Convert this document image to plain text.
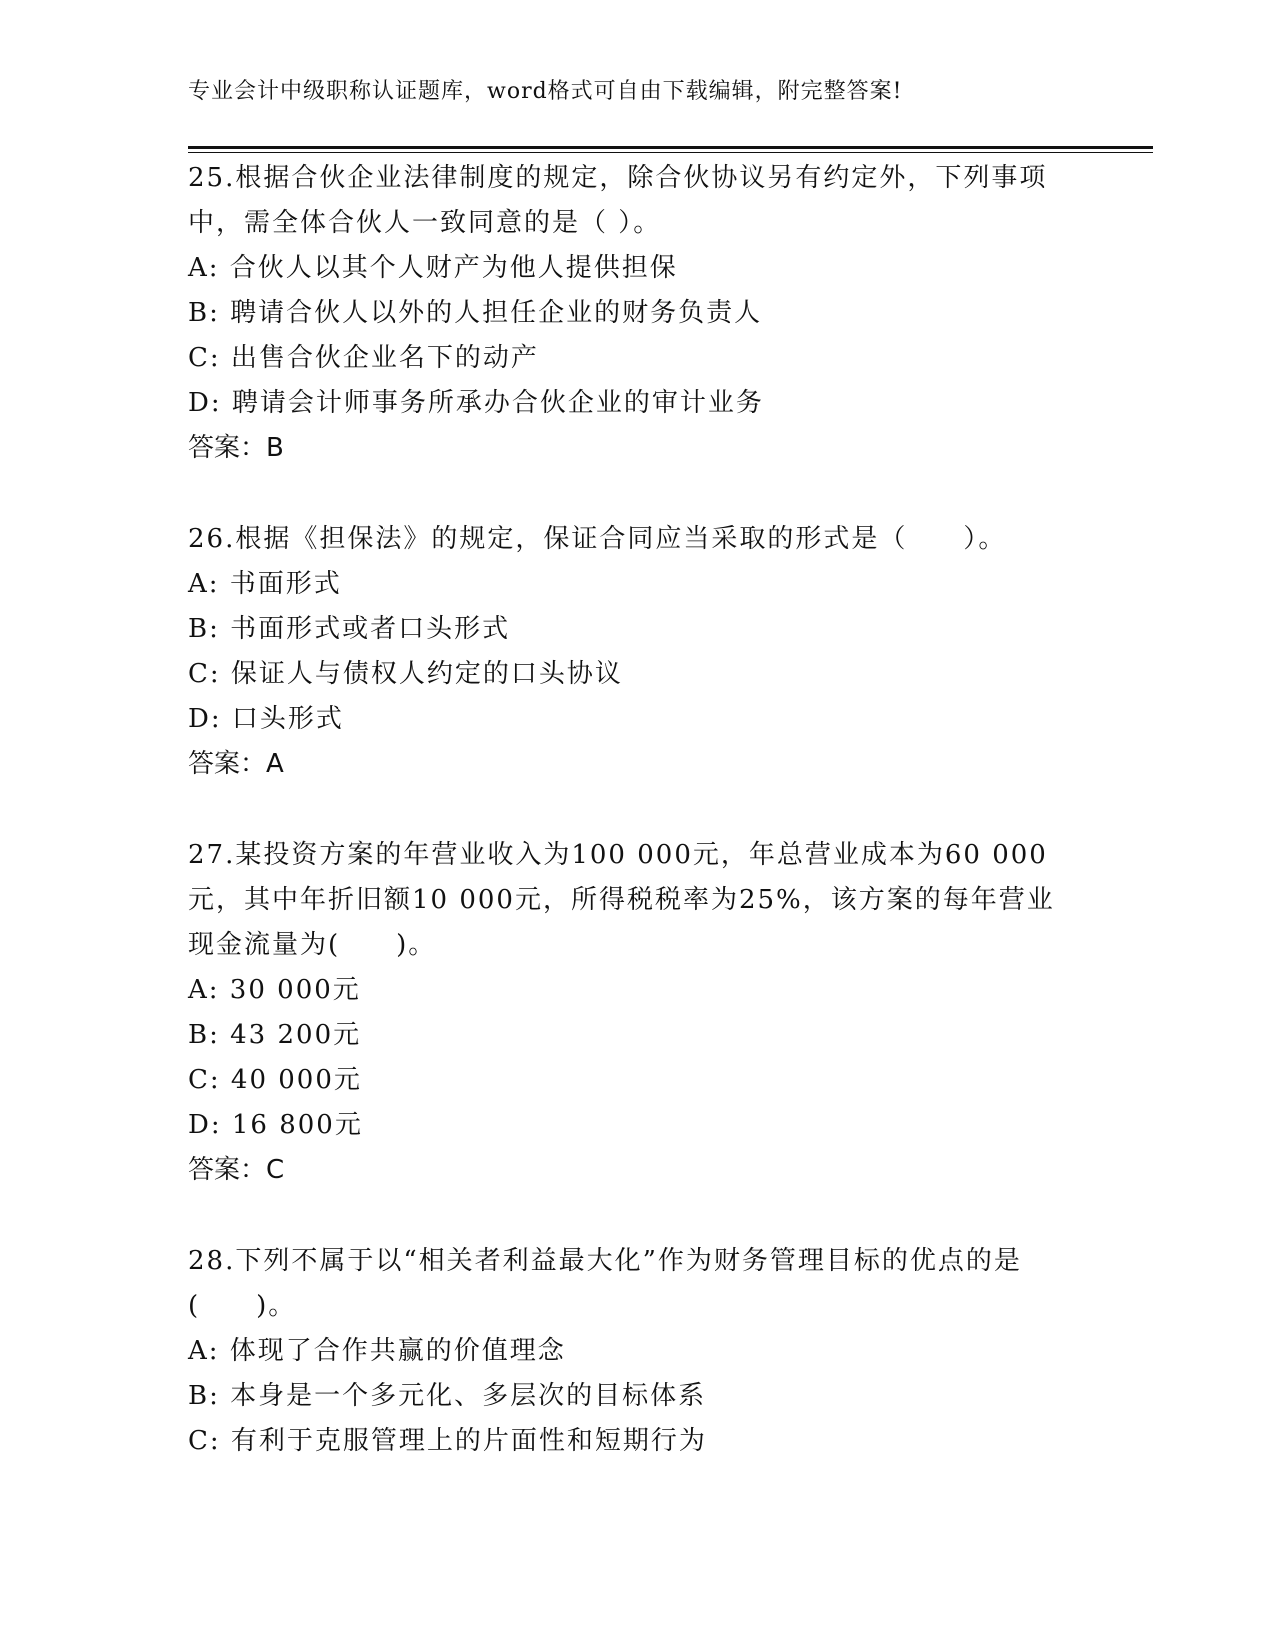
专业会计中级职称认证题库，word格式可自由下载编辑，附完整答案!
25.根据合伙企业法律制度的规定，除合伙协议另有约定外，下列事项
中，需全体合伙人一致同意的是（ ）。
A: 合伙人以其个人财产为他人提供担保
B: 聘请合伙人以外的人担任企业的财务负责人
C: 出售合伙企业名下的动产
D: 聘请会计师事务所承办合伙企业的审计业务
答案：B
26.根据《担保法》的规定，保证合同应当采取的形式是（　　）。
A: 书面形式
B: 书面形式或者口头形式
C: 保证人与债权人约定的口头协议
D: 口头形式
答案：A
27.某投资方案的年营业收入为100 000元，年总营业成本为60 000
元，其中年折旧额10 000元，所得税税率为25%，该方案的每年营业
现金流量为(　　)。
A: 30 000元
B: 43 200元
C: 40 000元
D: 16 800元
答案：C
28.下列不属于以“相关者利益最大化”作为财务管理目标的优点的是
(　　)。
A: 体现了合作共赢的价值理念
B: 本身是一个多元化、多层次的目标体系
C: 有利于克服管理上的片面性和短期行为
